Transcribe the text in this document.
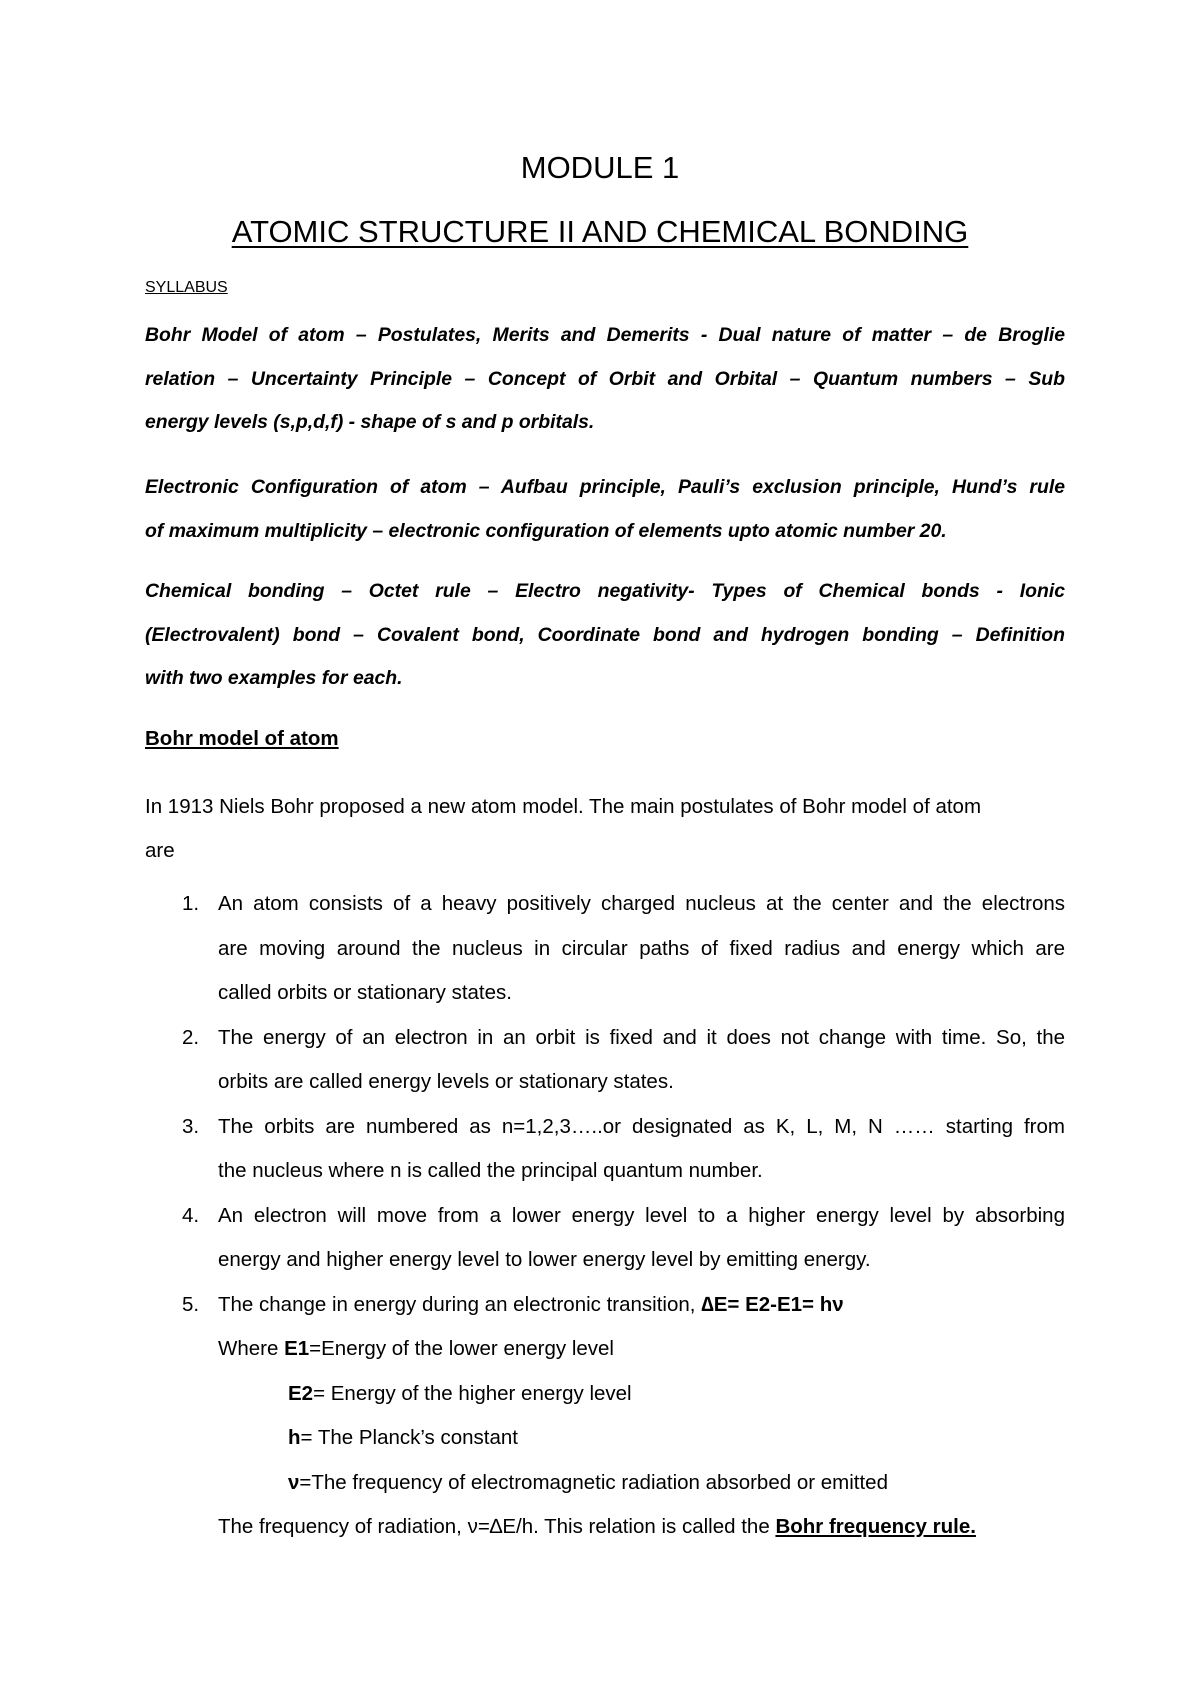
MODULE 1
ATOMIC STRUCTURE II AND CHEMICAL BONDING
SYLLABUS
Bohr Model of atom – Postulates, Merits and Demerits - Dual nature of matter – de Broglie
relation – Uncertainty Principle – Concept of Orbit and Orbital – Quantum numbers – Sub
energy levels (s,p,d,f) - shape of s and p orbitals.
Electronic Configuration of atom – Aufbau principle, Pauli’s exclusion principle, Hund’s rule
of maximum multiplicity – electronic configuration of elements upto atomic number 20.
Chemical bonding – Octet rule – Electro negativity- Types of Chemical bonds - Ionic
(Electrovalent) bond – Covalent bond, Coordinate bond and hydrogen bonding – Definition
with two examples for each.
Bohr model of atom
In 1913 Niels Bohr proposed a new atom model. The main postulates of Bohr model of atom
are
1. An atom consists of a heavy positively charged nucleus at the center and the electrons
are moving around the nucleus in circular paths of fixed radius and energy which are
called orbits or stationary states.
2. The energy of an electron in an orbit is fixed and it does not change with time. So, the
orbits are called energy levels or stationary states.
3. The orbits are numbered as n=1,2,3…..or designated as K, L, M, N …… starting from
the nucleus where n is called the principal quantum number.
4. An electron will move from a lower energy level to a higher energy level by absorbing
energy and higher energy level to lower energy level by emitting energy.
5. The change in energy during an electronic transition, ∆E= E2-E1= hν
Where E1=Energy of the lower energy level
E2= Energy of the higher energy level
h= The Planck’s constant
ν=The frequency of electromagnetic radiation absorbed or emitted
The frequency of radiation, ν=∆E/h. This relation is called the Bohr frequency rule.
